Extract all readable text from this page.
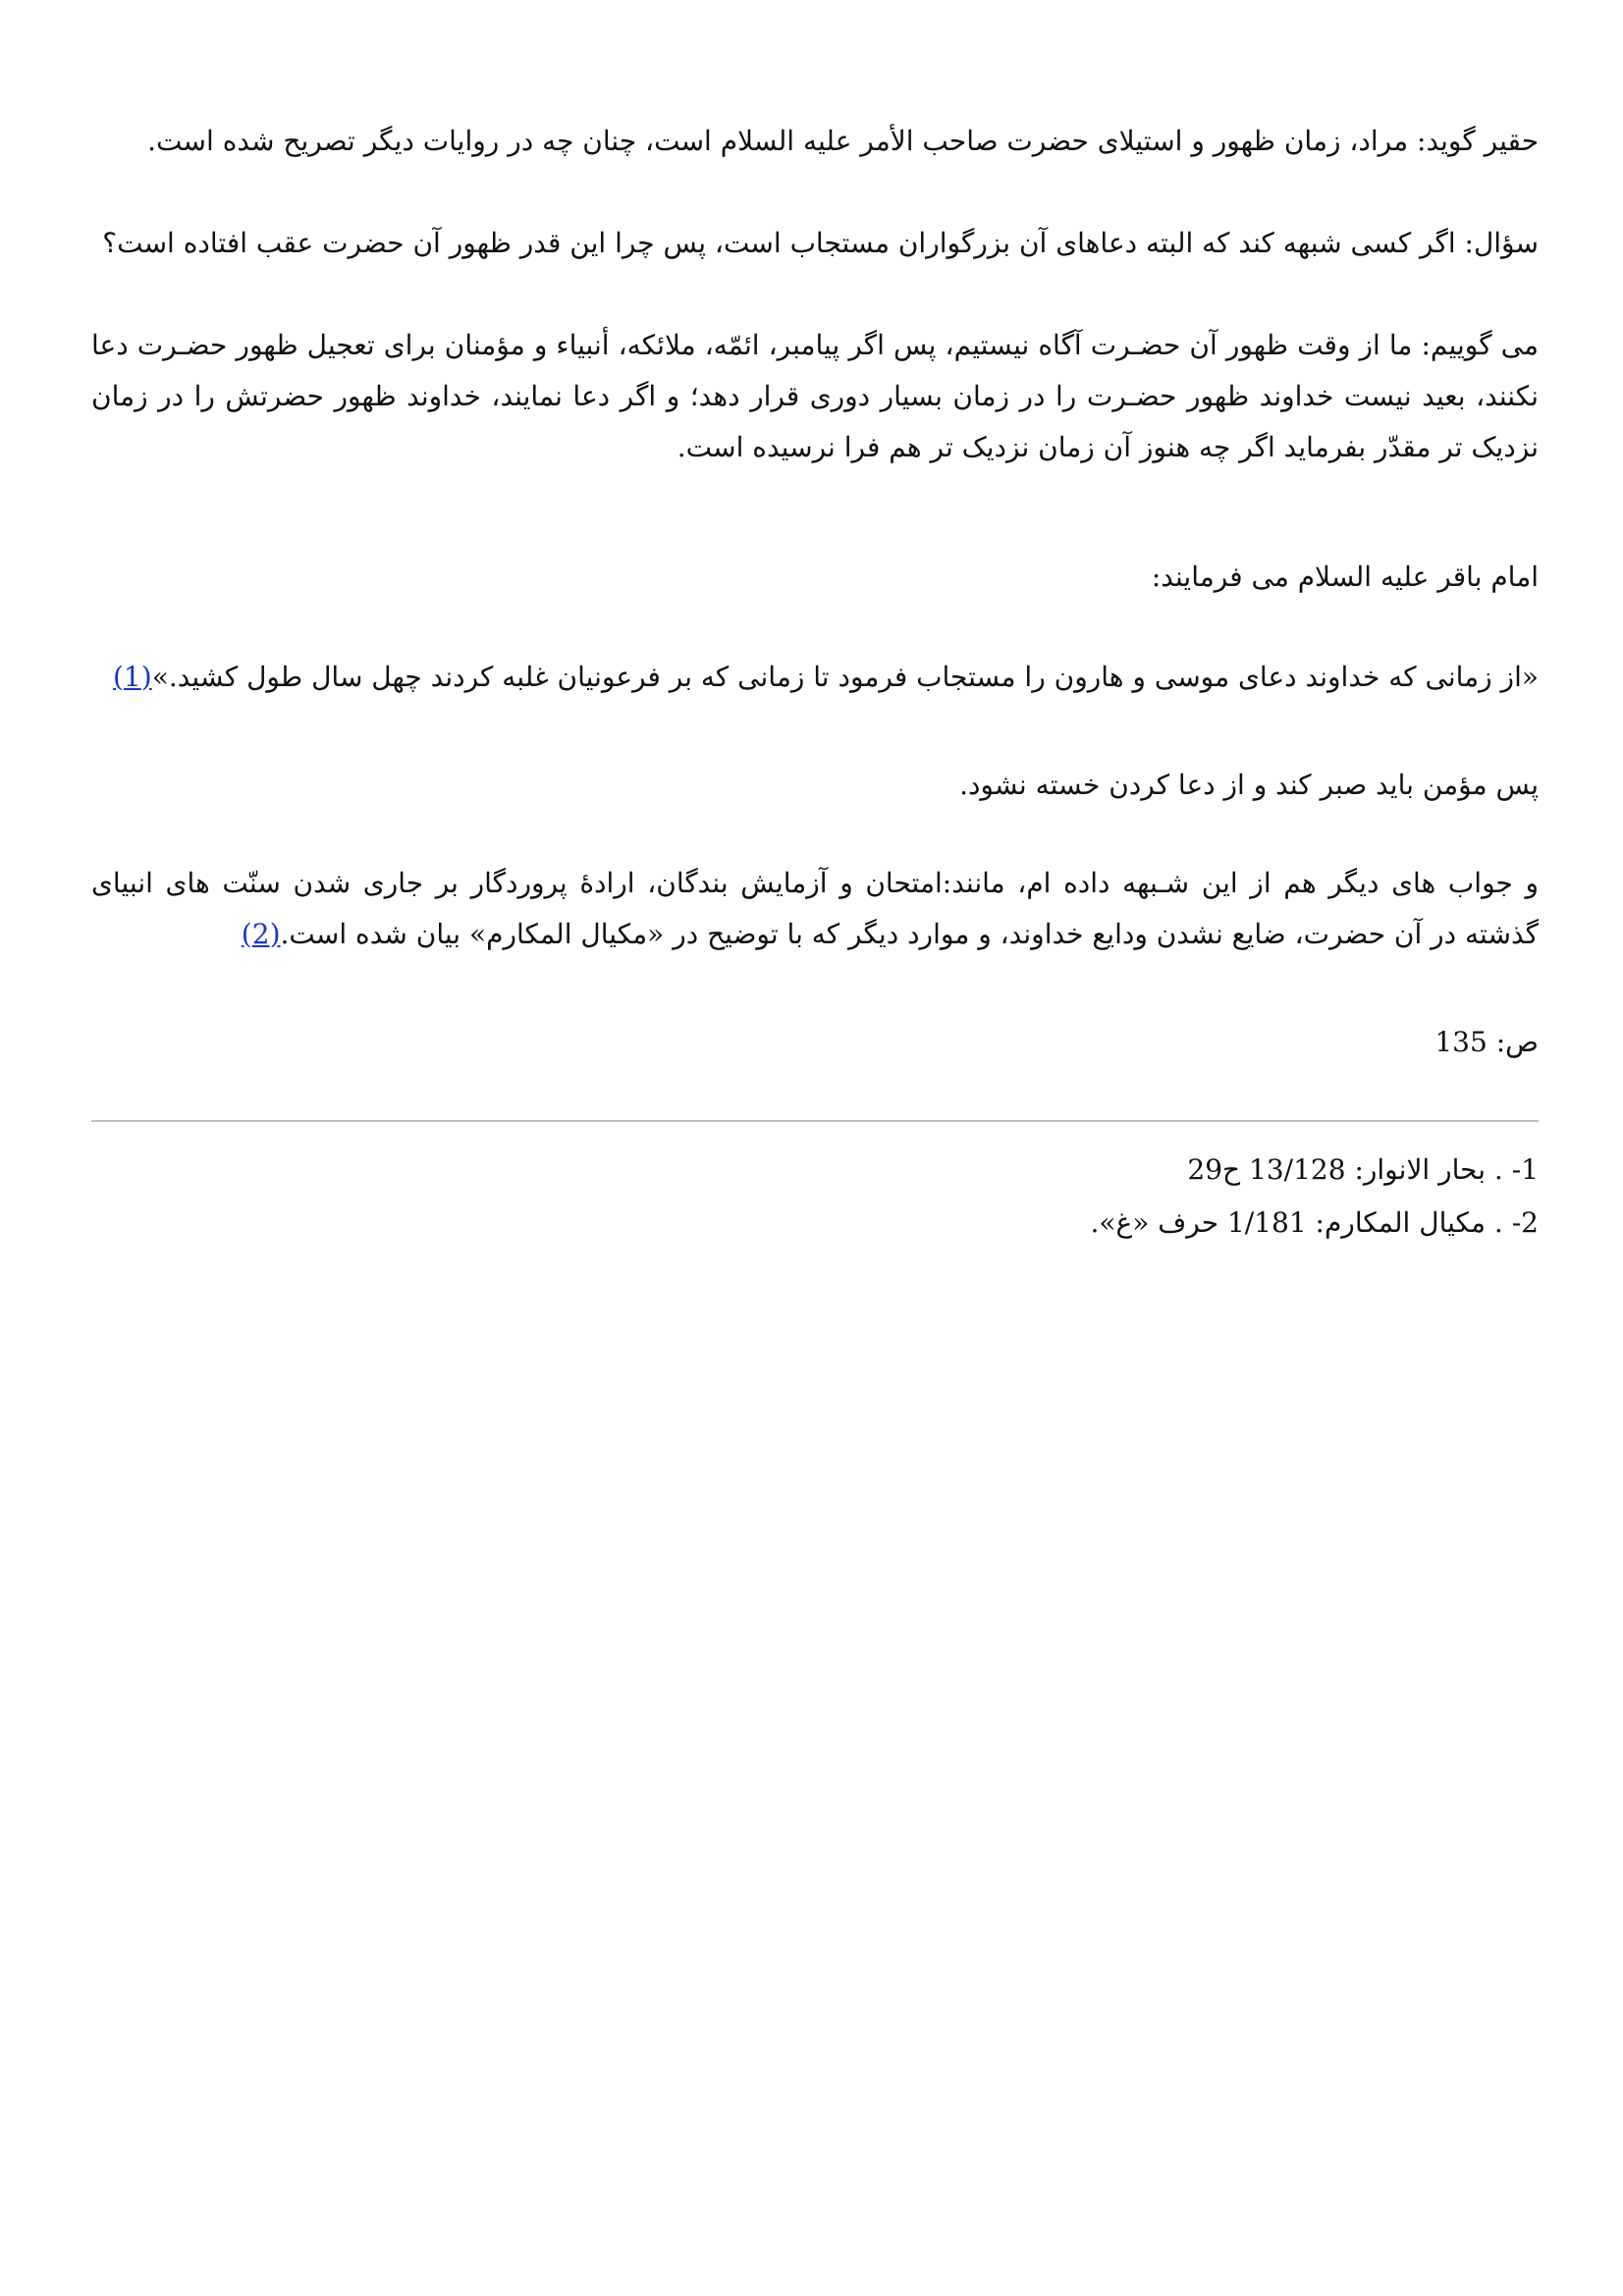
حقیر گوید: مراد، زمان ظهور و استیلای حضرت صاحب الأمر علیه السلام است، چنان چه در روایات دیگر تصریح شده است.

سؤال: اگر کسی شبهه کند که البته دعاهای آن بزرگواران مستجاب است، پس چرا این قدر ظهور آن حضرت عقب افتاده است؟

می گوییم: ما از وقت ظهور آن حضـرت آگاه نیستیم، پس اگر پیامبر، ائمّه، ملائکه، أنبیاء و مؤمنان برای تعجیل ظهور حضـرت دعا نکنند، بعید نیست خداوند ظهور حضـرت را در زمان بسیار دوری قرار دهد؛ و اگر دعا نمایند، خداوند ظهور حضرتش را در زمان نزدیک تر مقدّر بفرماید اگر چه هنوز آن زمان نزدیک تر هم فرا نرسیده است.

امام باقر علیه السلام می فرمایند:

«از زمانی که خداوند دعای موسی و هارون را مستجاب فرمود تا زمانی که بر فرعونیان غلبه کردند چهل سال طول کشید.»(1)

پس مؤمن باید صبر کند و از دعا کردن خسته نشود.

و جواب های دیگر هم از این شـبهه داده ام، مانند:امتحان و آزمایش بندگان، ارادۀ پروردگار بر جاری شدن سنّت های انبیای گذشته در آن حضرت، ضایع نشدن ودایع خداوند، و موارد دیگر که با توضیح در «مکیال المکارم» بیان شده است.(2)

ص: 135

1- . بحار الانوار: 13/128 ح29

2- . مکیال المکارم: 1/181 حرف «غ».
